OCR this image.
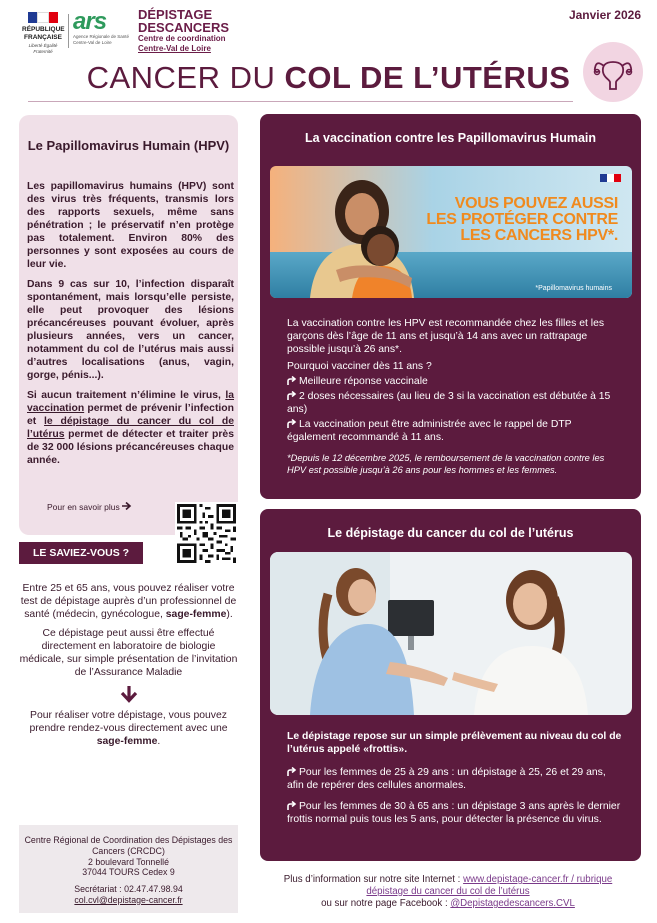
RÉPUBLIQUE FRANÇAISE
Liberté Égalité Fraternité
ars
Agence Régionale de Santé Centre-Val de Loire
DÉPISTAGE
DESCANCERS
Centre de coordination
Centre-Val de Loire
Janvier 2026
CANCER DU COL DE L’UTÉRUS
Le Papillomavirus Humain (HPV)

Les papillomavirus humains (HPV) sont des virus très fréquents, transmis lors des rapports sexuels, même sans pénétration ; le préservatif n’en protège pas totalement. Environ 80% des personnes y sont exposées au cours de leur vie.

Dans 9 cas sur 10, l’infection disparaît spontanément, mais lorsqu’elle persiste, elle peut provoquer des lésions précancéreuses pouvant évoluer, après plusieurs années, vers un cancer, notamment du col de l’utérus mais aussi d’autres localisations (anus, vagin, gorge, pénis...).

Si aucun traitement n’élimine le virus, la vaccination permet de prévenir l’infection et le dépistage du cancer du col de l’utérus permet de détecter et traiter près de 32 000 lésions précancéreuses chaque année.

Pour en savoir plus
LE SAVIEZ-VOUS ?

Entre 25 et 65 ans, vous pouvez réaliser votre test de dépistage auprès d’un professionnel de santé (médecin, gynécologue, sage-femme).

Ce dépistage peut aussi être effectué directement en laboratoire de biologie médicale, sur simple présentation de l’invitation de l’Assurance Maladie

Pour réaliser votre dépistage, vous pouvez prendre rendez-vous directement avec une sage-femme.

Centre Régional de Coordination des Dépistages des Cancers (CRCDC)
2 boulevard Tonnellé
37044 TOURS Cedex 9
Secrétariat : 02.47.47.98.94
col.cvl@depistage-cancer.fr
La vaccination contre les Papillomavirus Humain
VOUS POUVEZ AUSSI
LES PROTÉGER CONTRE
LES CANCERS HPV*.
*Papillomavirus humains

La vaccination contre les HPV est recommandée chez les filles et les garçons dès l’âge de 11 ans et jusqu’à 14 ans avec un rattrapage possible jusqu’à 26 ans*.

Pourquoi vacciner dès 11 ans ?

Meilleure réponse vaccinale

2 doses nécessaires (au lieu de 3 si la vaccination est débutée à 15 ans)

La vaccination peut être administrée avec le rappel de DTP également recommandé à 11 ans.

*Depuis le 12 décembre 2025, le remboursement de la vaccination contre les HPV est possible jusqu’à 26 ans pour les hommes et les femmes.

Le dépistage du cancer du col de l’utérus
Le dépistage repose sur un simple prélèvement au niveau du col de l’utérus appelé «frottis».

Pour les femmes de 25 à 29 ans : un dépistage à 25, 26 et 29 ans, afin de repérer des cellules anormales.

Pour les femmes de 30 à 65 ans : un dépistage 3 ans après le dernier frottis normal puis tous les 5 ans, pour détecter la présence du virus.

Plus d’information sur notre site Internet : www.depistage-cancer.fr / rubrique
dépistage du cancer du col de l’utérus
ou sur notre page Facebook : @Depistagedescancers.CVL
